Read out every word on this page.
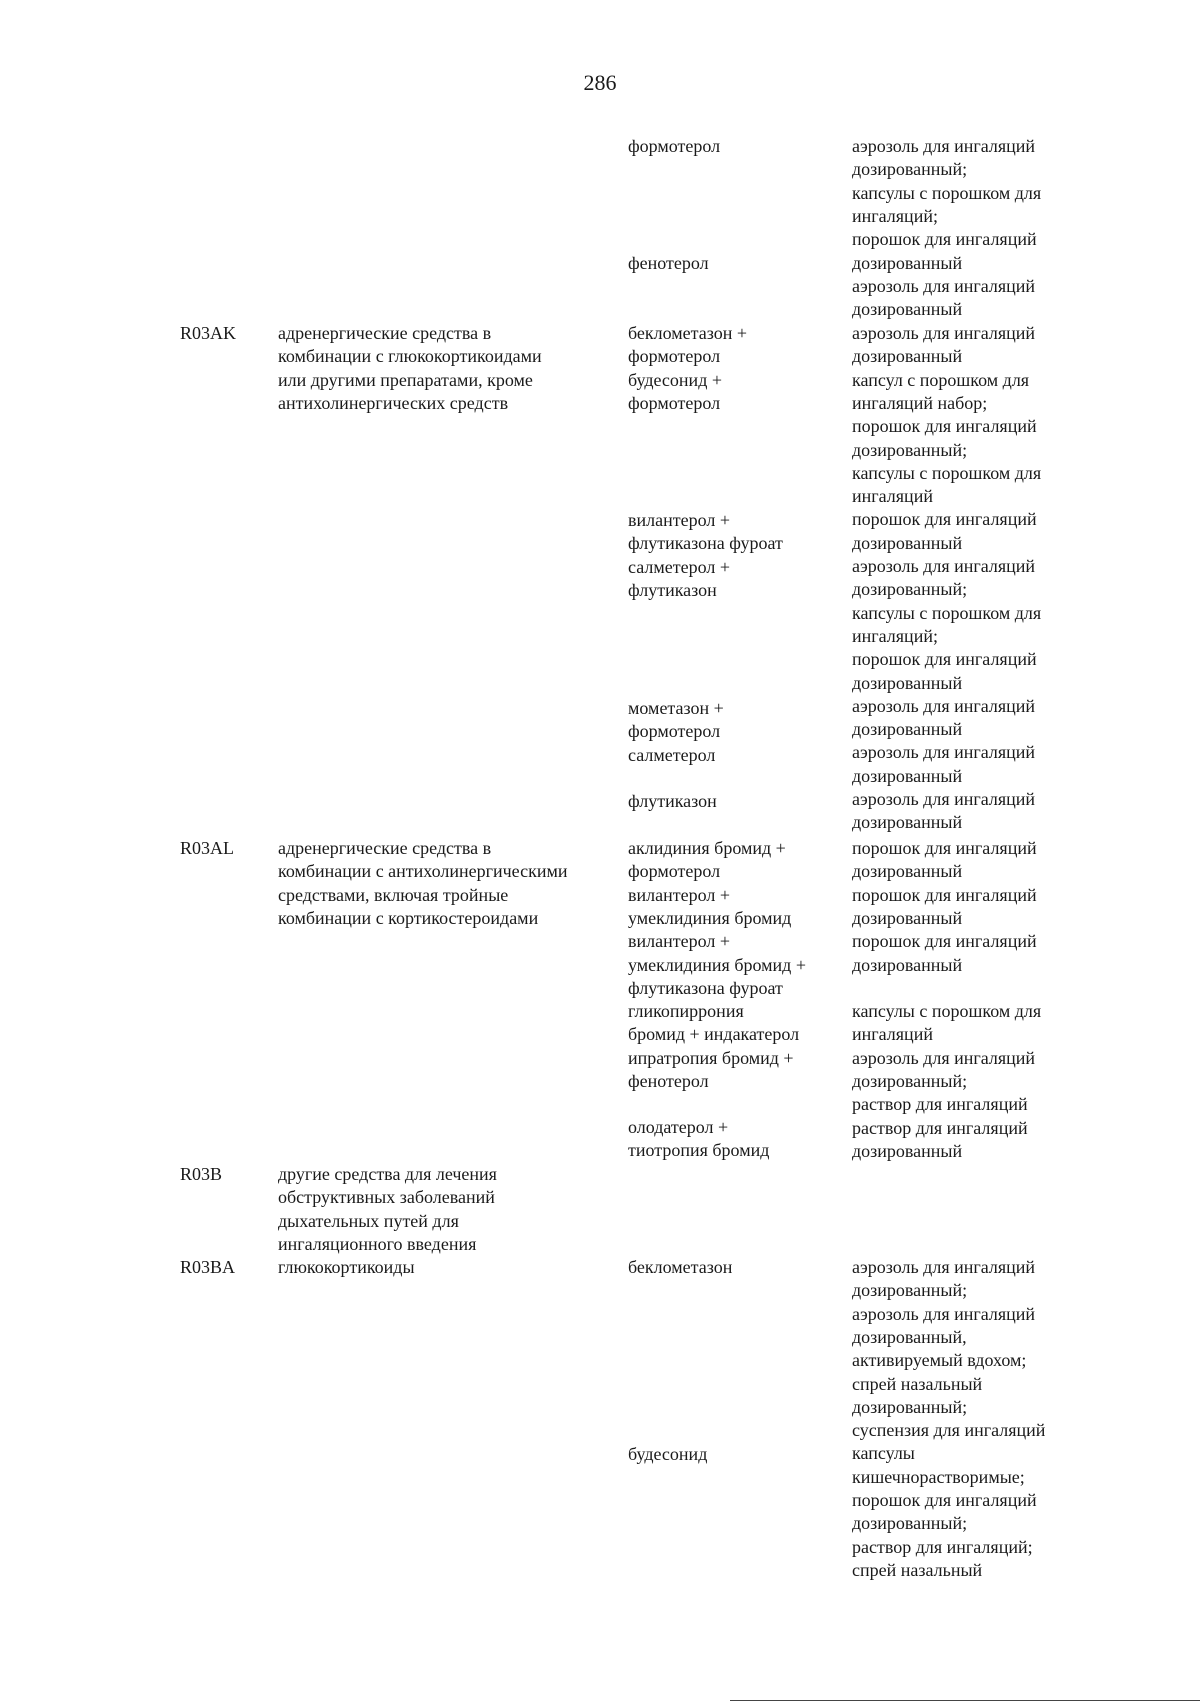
286
R03AK
R03AL
R03B
R03BA
адренергические средства в
комбинации с глюкокортикоидами
или другими препаратами, кроме
антихолинергических средств
адренергические средства в
комбинации с антихолинергическими
средствами, включая тройные
комбинации с кортикостероидами
другие средства для лечения
обструктивных заболеваний
дыхательных путей для
ингаляционного введения
глюкокортикоиды
формотерол
фенотерол
беклометазон +
формотерол
будесонид +
формотерол
вилантерол +
флутиказона фуроат
салметерол +
флутиказон
мометазон +
формотерол
салметерол
флутиказон
аклидиния бромид +
формотерол
вилантерол +
умеклидиния бромид
вилантерол +
умеклидиния бромид +
флутиказона фуроат
гликопиррония
бромид + индакатерол
ипратропия бромид +
фенотерол
олодатерол +
тиотропия бромид
беклометазон
будесонид
аэрозоль для ингаляций
дозированный;
капсулы с порошком для
ингаляций;
порошок для ингаляций
дозированный
аэрозоль для ингаляций
дозированный
аэрозоль для ингаляций
дозированный
капсул с порошком для
ингаляций набор;
порошок для ингаляций
дозированный;
капсулы с порошком для
ингаляций
порошок для ингаляций
дозированный
аэрозоль для ингаляций
дозированный;
капсулы с порошком для
ингаляций;
порошок для ингаляций
дозированный
аэрозоль для ингаляций
дозированный
аэрозоль для ингаляций
дозированный
аэрозоль для ингаляций
дозированный
порошок для ингаляций
дозированный
порошок для ингаляций
дозированный
порошок для ингаляций
дозированный
капсулы с порошком для
ингаляций
аэрозоль для ингаляций
дозированный;
раствор для ингаляций
раствор для ингаляций
дозированный
аэрозоль для ингаляций
дозированный;
аэрозоль для ингаляций
дозированный,
активируемый вдохом;
спрей назальный
дозированный;
суспензия для ингаляций
капсулы
кишечнорастворимые;
порошок для ингаляций
дозированный;
раствор для ингаляций;
спрей назальный
